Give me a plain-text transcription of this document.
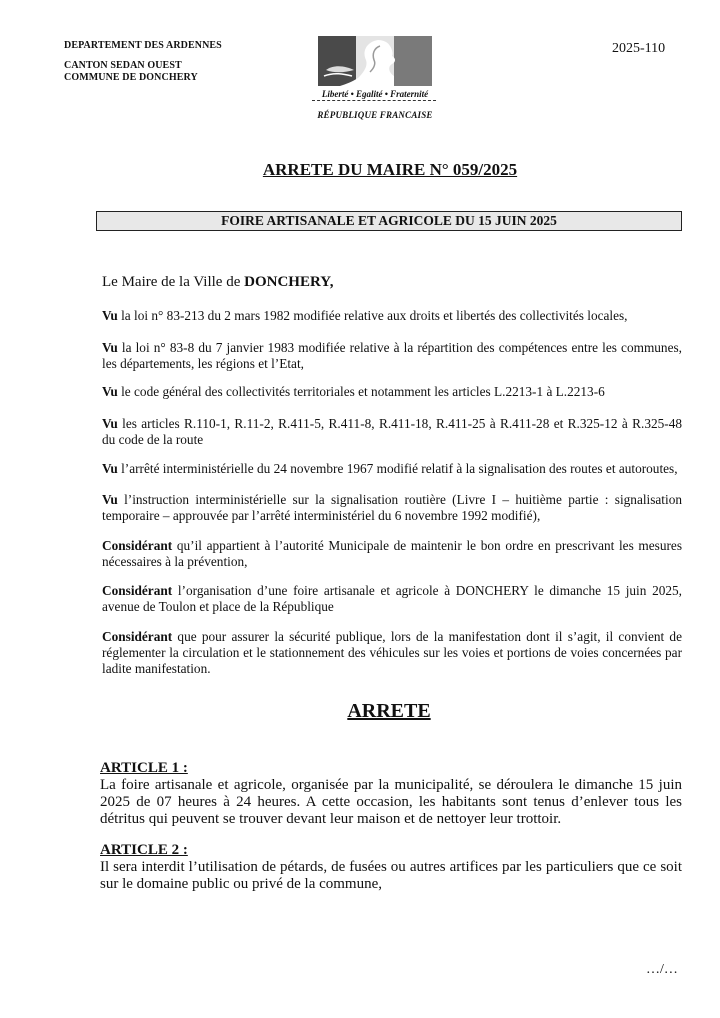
DEPARTEMENT DES ARDENNES
CANTON SEDAN OUEST
COMMUNE DE DONCHERY
2025-110
Liberté • Egalité • Fraternité
RÉPUBLIQUE FRANCAISE
ARRETE DU MAIRE N° 059/2025
FOIRE ARTISANALE ET AGRICOLE DU 15 JUIN 2025
Le Maire de la Ville de DONCHERY,
Vu la loi n° 83-213 du 2 mars 1982 modifiée relative aux droits et libertés des collectivités locales,
Vu la loi n° 83-8 du 7 janvier 1983 modifiée relative à la répartition des compétences entre les communes, les départements, les régions et l’Etat,
Vu le code général des collectivités territoriales et notamment les articles L.2213-1 à L.2213-6
Vu les articles R.110-1, R.11-2, R.411-5, R.411-8, R.411-18, R.411-25 à R.411-28 et R.325-12 à R.325-48 du code de la route
Vu l’arrêté interministérielle du 24 novembre 1967 modifié relatif à la signalisation des routes et autoroutes,
Vu l’instruction interministérielle sur la signalisation routière (Livre I – huitième partie : signalisation temporaire – approuvée par l’arrêté interministériel du 6 novembre 1992 modifié),
Considérant qu’il appartient à l’autorité Municipale de maintenir le bon ordre en prescrivant les mesures nécessaires à la prévention,
Considérant l’organisation d’une foire artisanale et agricole à DONCHERY le dimanche 15 juin 2025, avenue de Toulon et place de la République
Considérant que pour assurer la sécurité publique, lors de la manifestation dont il s’agit, il convient de réglementer la circulation et le stationnement des véhicules sur les voies et portions de voies concernées par ladite manifestation.
ARRETE
ARTICLE 1 :
La foire artisanale et agricole, organisée par la municipalité, se déroulera le dimanche 15 juin 2025 de 07 heures à 24 heures. A cette occasion, les habitants sont tenus d’enlever tous les détritus qui peuvent se trouver devant leur maison et de nettoyer leur trottoir.
ARTICLE 2 :
Il sera interdit l’utilisation de pétards, de fusées ou autres artifices par les particuliers que ce soit sur le domaine public ou privé de la commune,
…/…
